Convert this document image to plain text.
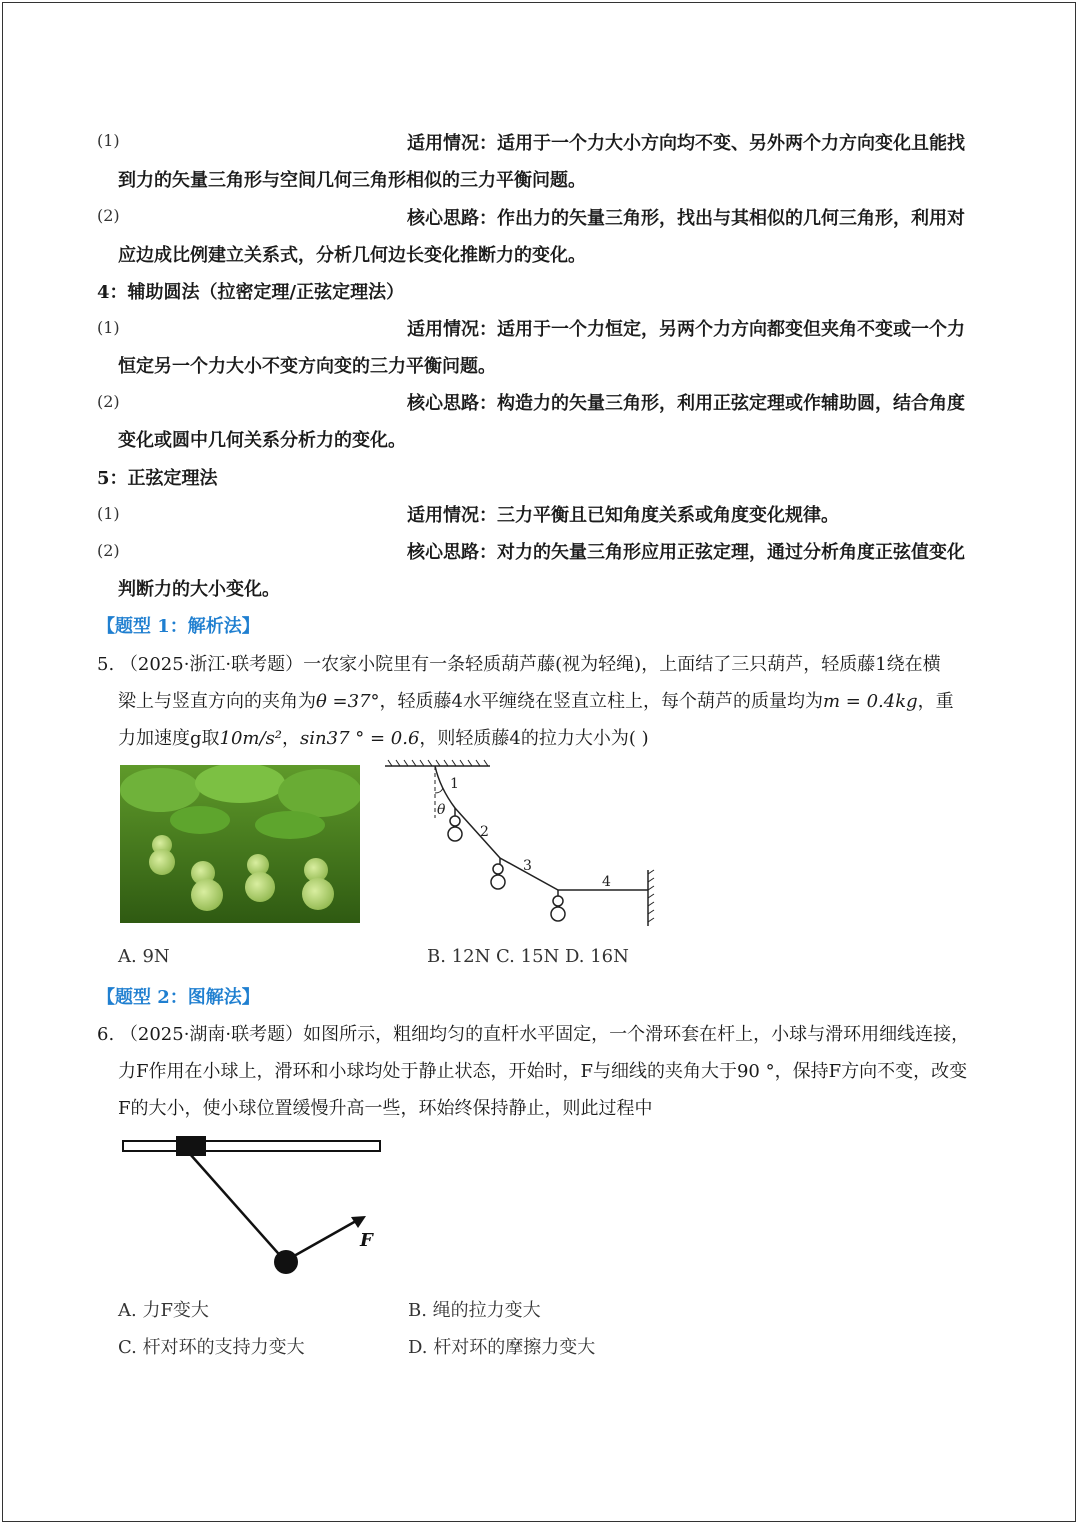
(1)	适用情况：适用于一个力大小方向均不变、另外两个力方向变化且能找
到力的矢量三角形与空间几何三角形相似的三力平衡问题。
(2)	核心思路：作出力的矢量三角形，找出与其相似的几何三角形，利用对
应边成比例建立关系式，分析几何边长变化推断力的变化。
4：辅助圆法（拉密定理/正弦定理法）
(1)	适用情况：适用于一个力恒定，另两个力方向都变但夹角不变或一个力
恒定另一个力大小不变方向变的三力平衡问题。
(2)	核心思路：构造力的矢量三角形，利用正弦定理或作辅助圆，结合角度
变化或圆中几何关系分析力的变化。
5：正弦定理法
(1)	适用情况：三力平衡且已知角度关系或角度变化规律。
(2)	核心思路：对力的矢量三角形应用正弦定理，通过分析角度正弦值变化
判断力的大小变化。
【题型 1：解析法】
5. （2025·浙江·联考题）一农家小院里有一条轻质葫芦藤(视为轻绳)，上面结了三只葫芦，轻质藤1绕在横
梁上与竖直方向的夹角为θ =37°，轻质藤4水平缠绕在竖直立柱上，每个葫芦的质量均为m = 0.4kg，重
力加速度g取10m/s²，sin37 ° = 0.6，则轻质藤4的拉力大小为( )
1
θ
2
3
4
A. 9N	B. 12N C. 15N D. 16N
【题型 2：图解法】
6. （2025·湖南·联考题）如图所示，粗细均匀的直杆水平固定，一个滑环套在杆上，小球与滑环用细线连接，
力F作用在小球上，滑环和小球均处于静止状态，开始时，F与细线的夹角大于90 °，保持F方向不变，改变
F的大小，使小球位置缓慢升高一些，环始终保持静止，则此过程中
F
A. 力F变大	B. 绳的拉力变大
C. 杆对环的支持力变大	D. 杆对环的摩擦力变大
